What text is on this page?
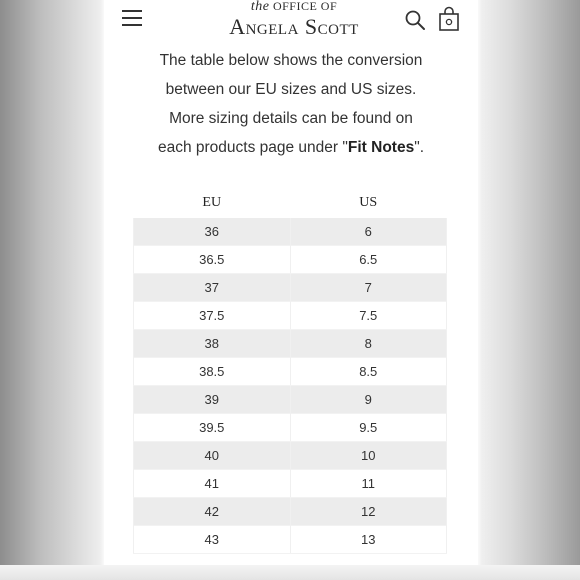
the OFFICE OF
Angela Scott
The table below shows the conversion
between our EU sizes and US sizes.
More sizing details can be found on
each products page under "Fit Notes".
EU	US
36	6
36.5	6.5
37	7
37.5	7.5
38	8
38.5	8.5
39	9
39.5	9.5
40	10
41	11
42	12
43	13
